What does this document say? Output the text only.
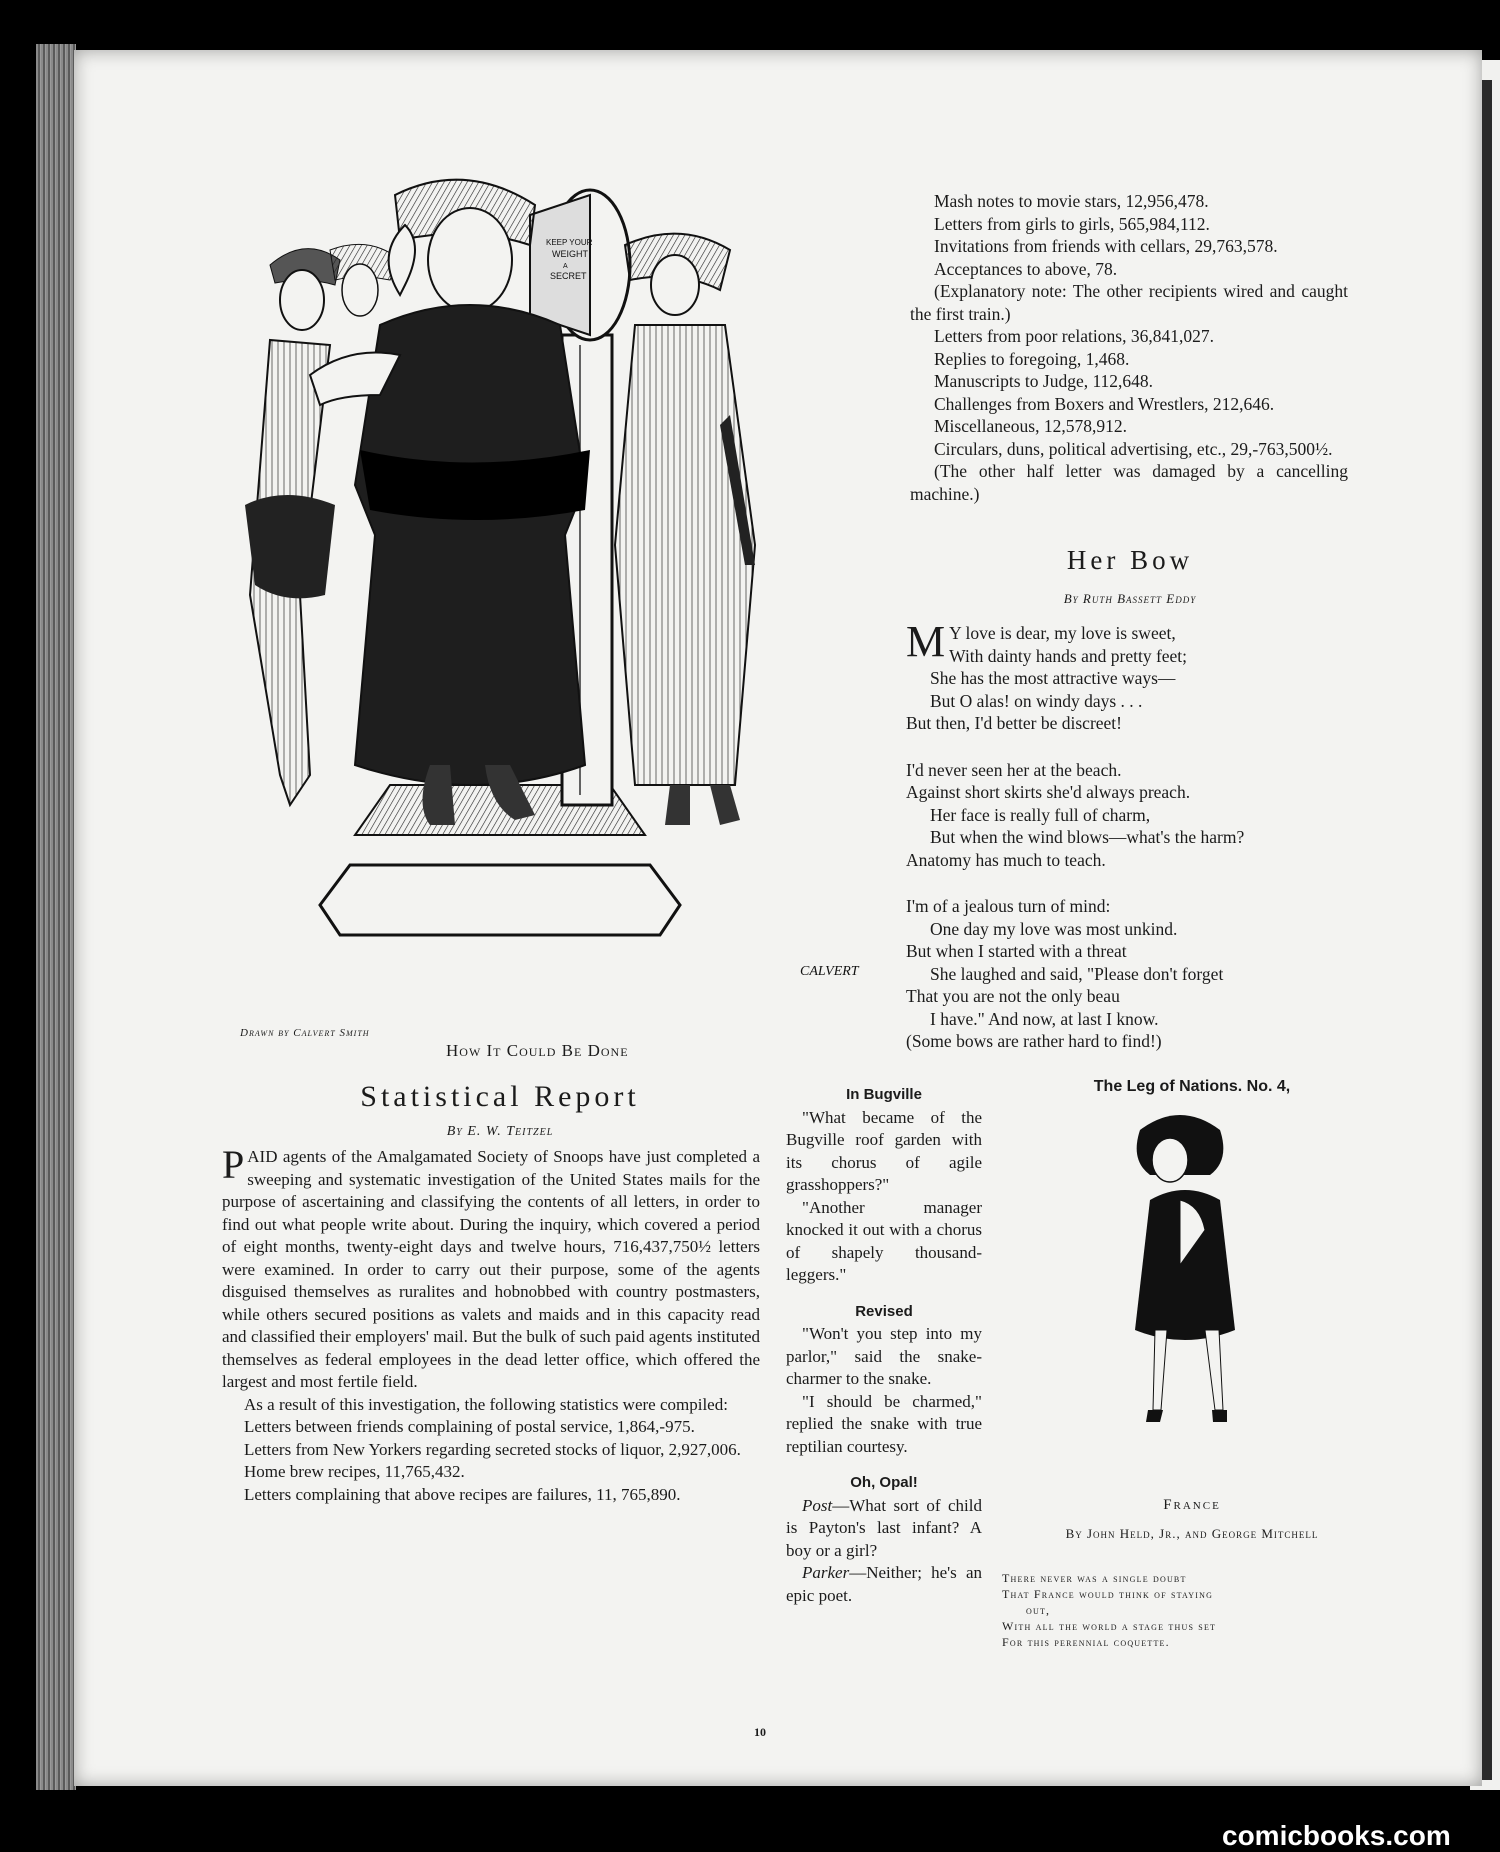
KEEP YOUR
WEIGHT
A
SECRET
CALVERT
Drawn by Calvert Smith
How It Could Be Done
Mash notes to movie stars, 12,956,478.
Letters from girls to girls, 565,984,112.
Invitations from friends with cellars, 29,763,578.
Acceptances to above, 78.
(Explanatory note: The other recipients wired and caught the first train.)
Letters from poor relations, 36,841,027.
Replies to foregoing, 1,468.
Manuscripts to Judge, 112,648.
Challenges from Boxers and Wrestlers, 212,646.
Miscellaneous, 12,578,912.
Circulars, duns, political advertising, etc., 29,-763,500½.
(The other half letter was damaged by a cancelling machine.)
Her Bow
By Ruth Bassett Eddy
M Y love is dear, my love is sweet,
With dainty hands and pretty feet;
She has the most attractive ways—
But O alas! on windy days . . .
But then, I'd better be discreet!
I'd never seen her at the beach.
Against short skirts she'd always preach.
Her face is really full of charm,
But when the wind blows—what's the harm?
Anatomy has much to teach.
I'm of a jealous turn of mind:
One day my love was most unkind.
But when I started with a threat
She laughed and said, "Please don't forget
That you are not the only beau
I have." And now, at last I know.
(Some bows are rather hard to find!)
Statistical Report
By E. W. Teitzel
P AID agents of the Amalgamated Society of Snoops have just completed a sweeping and systematic investigation of the United States mails for the purpose of ascertaining and classifying the contents of all letters, in order to find out what people write about. During the inquiry, which covered a period of eight months, twenty-eight days and twelve hours, 716,437,750½ letters were examined. In order to carry out their purpose, some of the agents disguised themselves as ruralites and hobnobbed with country postmasters, while others secured positions as valets and maids and in this capacity read and classified their employers' mail. But the bulk of such paid agents instituted themselves as federal employees in the dead letter office, which offered the largest and most fertile field.
As a result of this investigation, the following statistics were compiled:
Letters between friends complaining of postal service, 1,864,-975.
Letters from New Yorkers regarding secreted stocks of liquor, 2,927,006.
Home brew recipes, 11,765,432.
Letters complaining that above recipes are failures, 11, 765,890.
In Bugville
"What became of the Bugville roof garden with its chorus of agile grasshoppers?"
"Another manager knocked it out with a chorus of shapely thousand-leggers."
Revised
"Won't you step into my parlor," said the snake-charmer to the snake.
"I should be charmed," replied the snake with true reptilian courtesy.
Oh, Opal!
Post—What sort of child is Payton's last infant? A boy or a girl?
Parker—Neither; he's an epic poet.
The Leg of Nations. No. 4,
France
By John Held, Jr., and George Mitchell
There never was a single doubt
That France would think of staying
out,
With all the world a stage thus set
For this perennial coquette.
10
comicbooks.com
